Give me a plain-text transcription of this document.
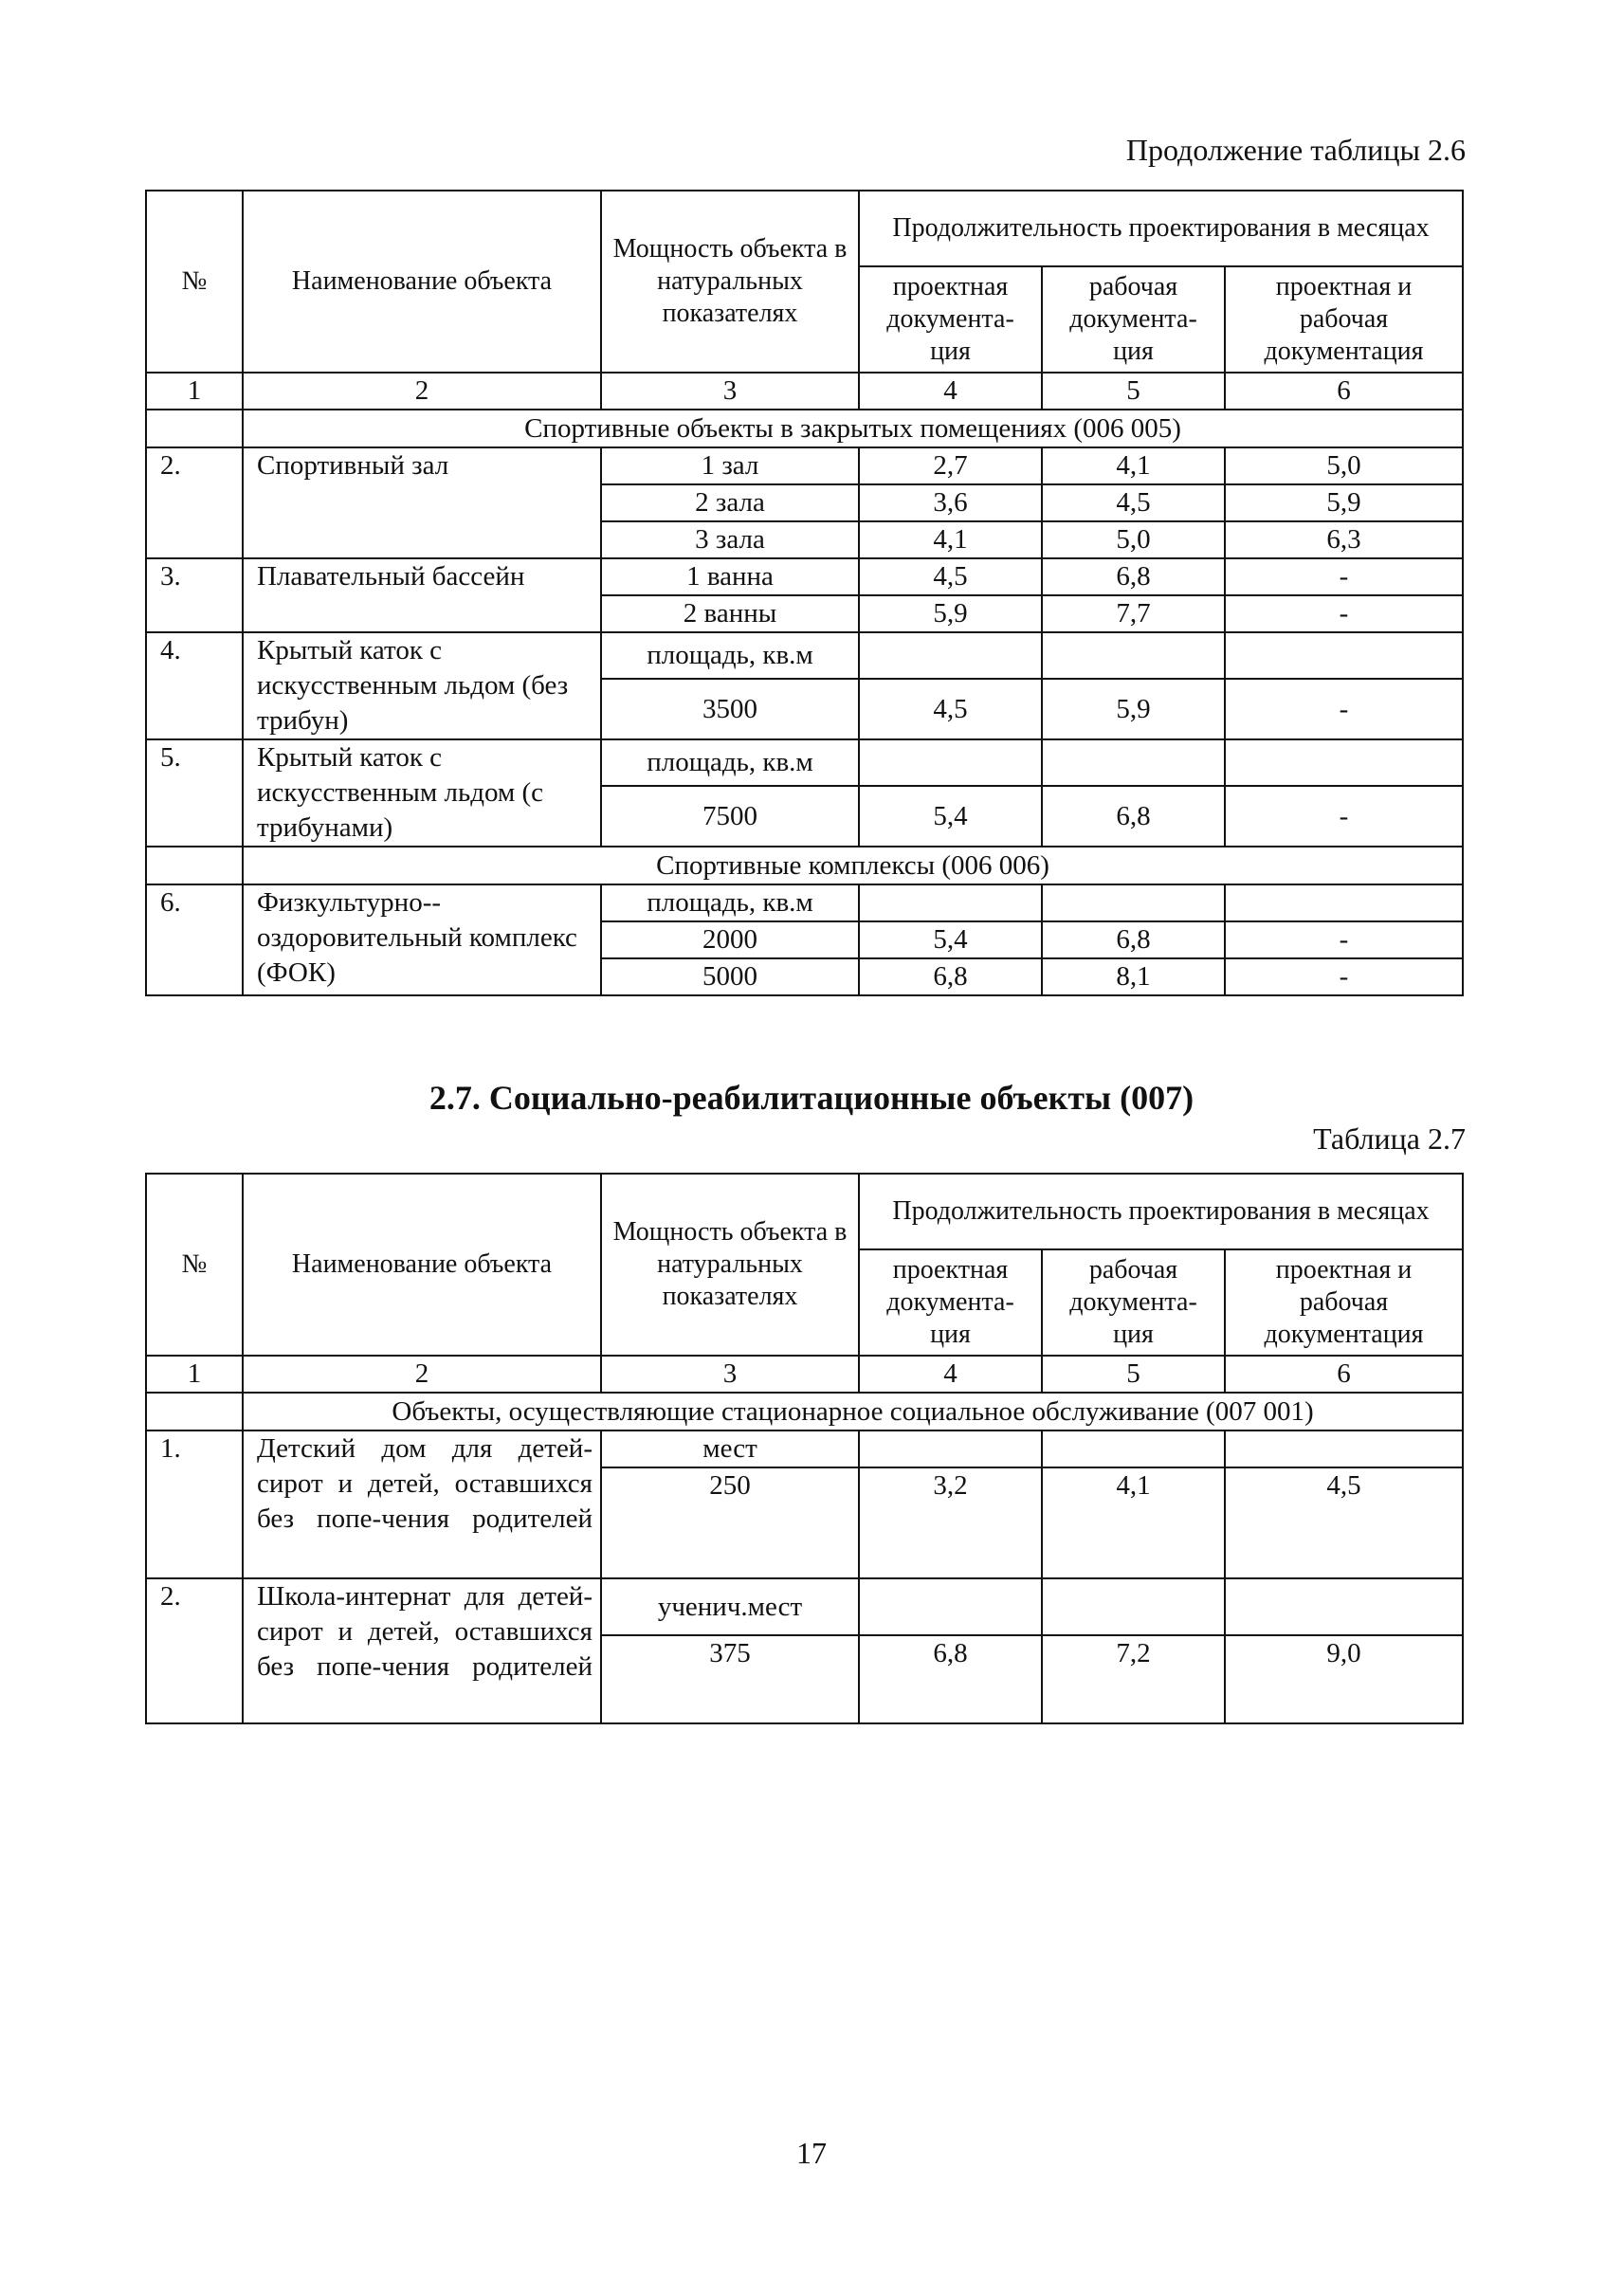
Продолжение таблицы 2.6
№	Наименование объекта	Мощность объекта в натуральных показателях	Продолжительность проектирования в месяцах		
			проектная документа-ция	рабочая документа-ция	проектная и рабочая документация
1	2	3	4	5	6
	Спортивные объекты в закрытых помещениях (006 005)				
2.	Спортивный зал	1 зал	2,7	4,1	5,0
		2 зала	3,6	4,5	5,9
		3 зала	4,1	5,0	6,3
3.	Плавательный бассейн	1 ванна	4,5	6,8	-
		2 ванны	5,9	7,7	-
4.	Крытый каток с искусственным льдом (без трибун)	площадь, кв.м			
		3500	4,5	5,9	-
5.	Крытый каток с искусственным льдом (с трибунами)	площадь, кв.м			
		7500	5,4	6,8	-
	Спортивные комплексы (006 006)				
6.	Физкультурно--оздоровительный комплекс (ФОК)	площадь, кв.м			
		2000	5,4	6,8	-
		5000	6,8	8,1	-
2.7. Социально-реабилитационные объекты (007)
Таблица 2.7
№	Наименование объекта	Мощность объекта в натуральных показателях	Продолжительность проектирования в месяцах		
			проектная документа-ция	рабочая документа-ция	проектная и рабочая документация
1	2	3	4	5	6
	Объекты, осуществляющие стационарное социальное обслуживание (007 001)				
1.	Детский дом для детей-сирот и детей, оставшихся без попе-чения родителей	мест			
		250	3,2	4,1	4,5
2.	Школа-интернат для детей-сирот и детей, оставшихся без попе-чения родителей	ученич.мест			
		375	6,8	7,2	9,0
17
